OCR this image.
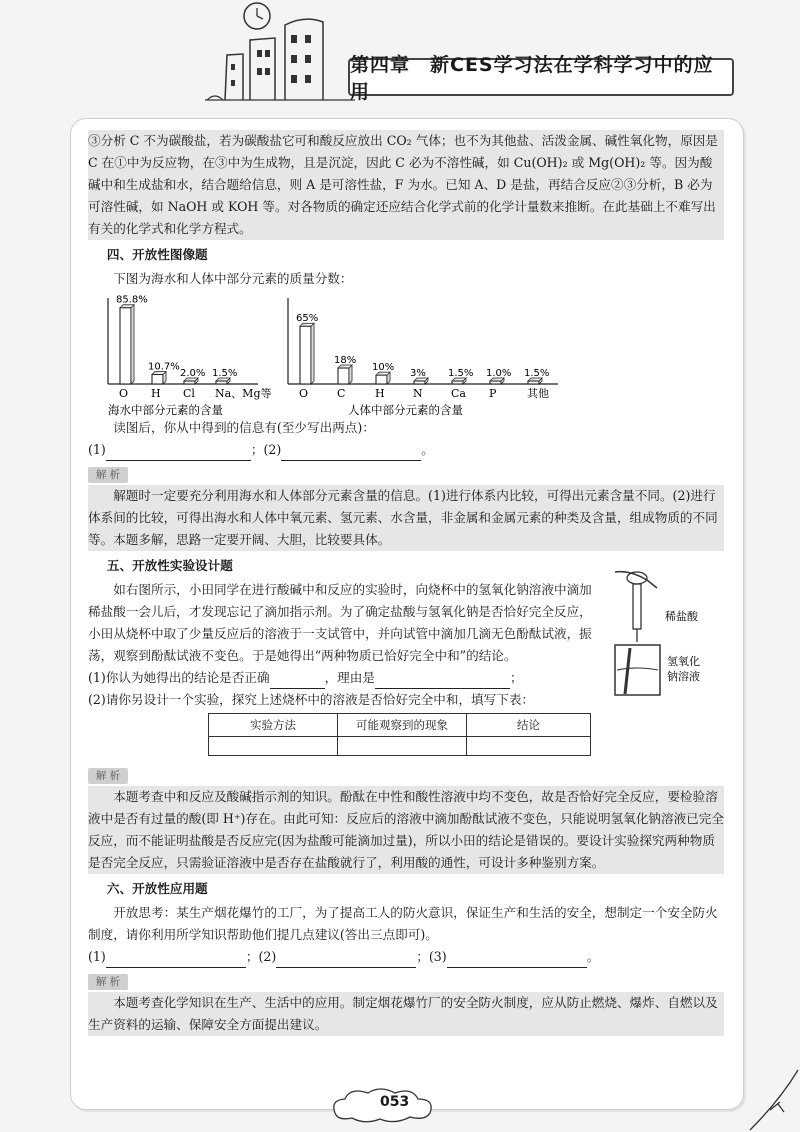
第四章　新CES学习法在学科学习中的应用

③分析 C 不为碳酸盐，若为碳酸盐它可和酸反应放出 CO₂ 气体；也不为其他盐、活泼金属、碱性氧化物，原因是 C 在①中为反应物，在③中为生成物，且是沉淀，因此 C 必为不溶性碱，如 Cu(OH)₂ 或 Mg(OH)₂ 等。因为酸碱中和生成盐和水，结合题给信息，则 A 是可溶性盐，F 为水。已知 A、D 是盐，再结合反应②③分析，B 必为可溶性碱，如 NaOH 或 KOH 等。对各物质的确定还应结合化学式前的化学计量数来推断。在此基础上不难写出有关的化学式和化学方程式。

四、开放性图像题

下图为海水和人体中部分元素的质量分数：

85.8%
O
10.7%
H
2.0%
Cl
1.5%
Na、Mg等
海水中部分元素的含量
65%
O
18%
C
10%
H
3%
N
1.5%
Ca
1.0%
P
1.5%
其他
人体中部分元素的含量

读图后，你从中得到的信息有(至少写出两点)：

(1)	；(2)	。

解 析

解题时一定要充分利用海水和人体部分元素含量的信息。(1)进行体系内比较，可得出元素含量不同。(2)进行体系间的比较，可得出海水和人体中氧元素、氢元素、水含量，非金属和金属元素的种类及含量，组成物质的不同等。本题多解，思路一定要开阔、大胆，比较要具体。

五、开放性实验设计题

如右图所示，小田同学在进行酸碱中和反应的实验时，向烧杯中的氢氧化钠溶液中滴加稀盐酸一会儿后，才发现忘记了滴加指示剂。为了确定盐酸与氢氧化钠是否恰好完全反应，小田从烧杯中取了少量反应后的溶液于一支试管中，并向试管中滴加几滴无色酚酞试液，振荡，观察到酚酞试液不变色。于是她得出“两种物质已恰好完全中和”的结论。

(1)你认为她得出的结论是否正确	，理由是	；

(2)请你另设计一个实验，探究上述烧杯中的溶液是否恰好完全中和，填写下表：

实验方法	可能观察到的现象	结论

解 析

本题考查中和反应及酸碱指示剂的知识。酚酞在中性和酸性溶液中均不变色，故是否恰好完全反应，要检验溶液中是否有过量的酸(即 H⁺)存在。由此可知：反应后的溶液中滴加酚酞试液不变色，只能说明氢氧化钠溶液已完全反应，而不能证明盐酸是否反应完(因为盐酸可能滴加过量)，所以小田的结论是错误的。要设计实验探究两种物质是否完全反应，只需验证溶液中是否存在盐酸就行了，利用酸的通性，可设计多种鉴别方案。

六、开放性应用题

开放思考：某生产烟花爆竹的工厂，为了提高工人的防火意识，保证生产和生活的安全，想制定一个安全防火制度，请你利用所学知识帮助他们提几点建议(答出三点即可)。

(1)	；(2)	；(3)	。

解 析

本题考查化学知识在生产、生活中的应用。制定烟花爆竹厂的安全防火制度，应从防止燃烧、爆炸、自燃以及生产资料的运输、保障安全方面提出建议。

稀盐酸
氢氧化钠溶液
053
